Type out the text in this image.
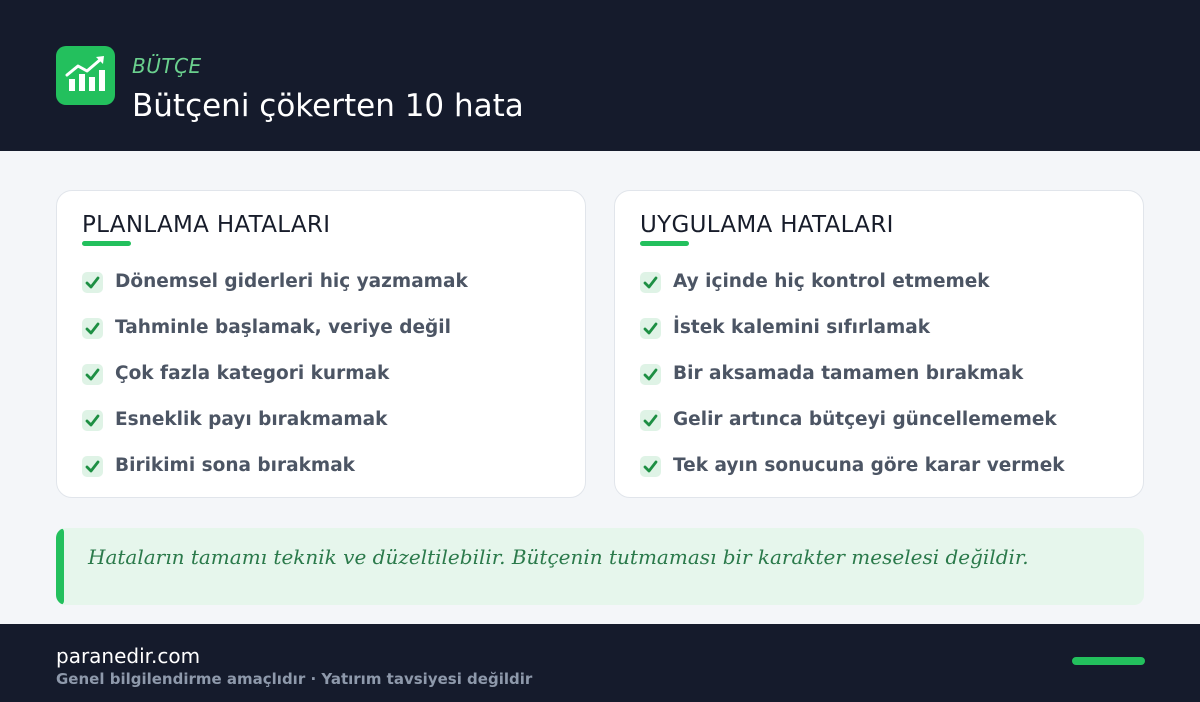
BÜTÇE
Bütçeni çökerten 10 hata
PLANLAMA HATALARI
Dönemsel giderleri hiç yazmamak
Tahminle başlamak, veriye değil
Çok fazla kategori kurmak
Esneklik payı bırakmamak
Birikimi sona bırakmak
UYGULAMA HATALARI
Ay içinde hiç kontrol etmemek
İstek kalemini sıfırlamak
Bir aksamada tamamen bırakmak
Gelir artınca bütçeyi güncellememek
Tek ayın sonucuna göre karar vermek
Hataların tamamı teknik ve düzeltilebilir. Bütçenin tutmaması bir karakter meselesi değildir.
paranedir.com
Genel bilgilendirme amaçlıdır · Yatırım tavsiyesi değildir
